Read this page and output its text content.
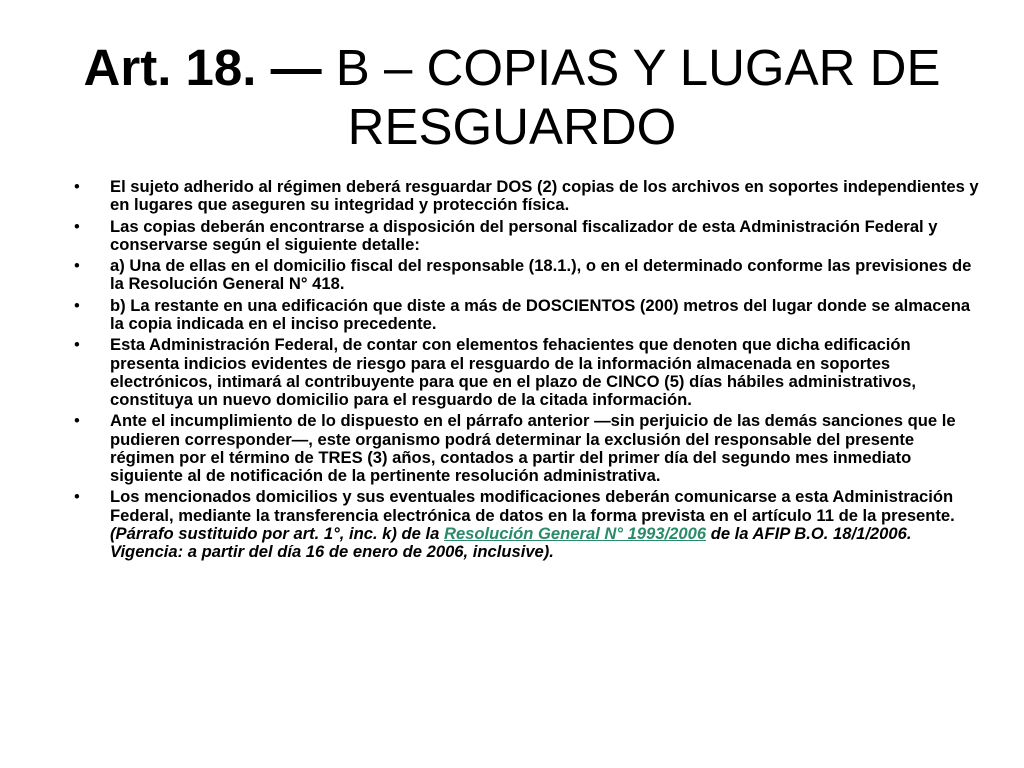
Art. 18. — B – COPIAS Y LUGAR DE RESGUARDO
• El sujeto adherido al régimen deberá resguardar DOS (2) copias de los archivos en soportes independientes y en lugares que aseguren su integridad y protección física.
• Las copias deberán encontrarse a disposición del personal fiscalizador de esta Administración Federal y conservarse según el siguiente detalle:
• a) Una de ellas en el domicilio fiscal del responsable (18.1.), o en el determinado conforme las previsiones de la Resolución General N° 418.
• b) La restante en una edificación que diste a más de DOSCIENTOS (200) metros del lugar donde se almacena la copia indicada en el inciso precedente.
• Esta Administración Federal, de contar con elementos fehacientes que denoten que dicha edificación presenta indicios evidentes de riesgo para el resguardo de la información almacenada en soportes electrónicos, intimará al contribuyente para que en el plazo de CINCO (5) días hábiles administrativos, constituya un nuevo domicilio para el resguardo de la citada información.
• Ante el incumplimiento de lo dispuesto en el párrafo anterior —sin perjuicio de las demás sanciones que le pudieren corresponder—, este organismo podrá determinar la exclusión del responsable del presente régimen por el término de TRES (3) años, contados a partir del primer día del segundo mes inmediato siguiente al de notificación de la pertinente resolución administrativa.
• Los mencionados domicilios y sus eventuales modificaciones deberán comunicarse a esta Administración Federal, mediante la transferencia electrónica de datos en la forma prevista en el artículo 11 de la presente. (Párrafo sustituido por art. 1°, inc. k) de la Resolución General N° 1993/2006 de la AFIP B.O. 18/1/2006. Vigencia: a partir del día 16 de enero de 2006, inclusive).
